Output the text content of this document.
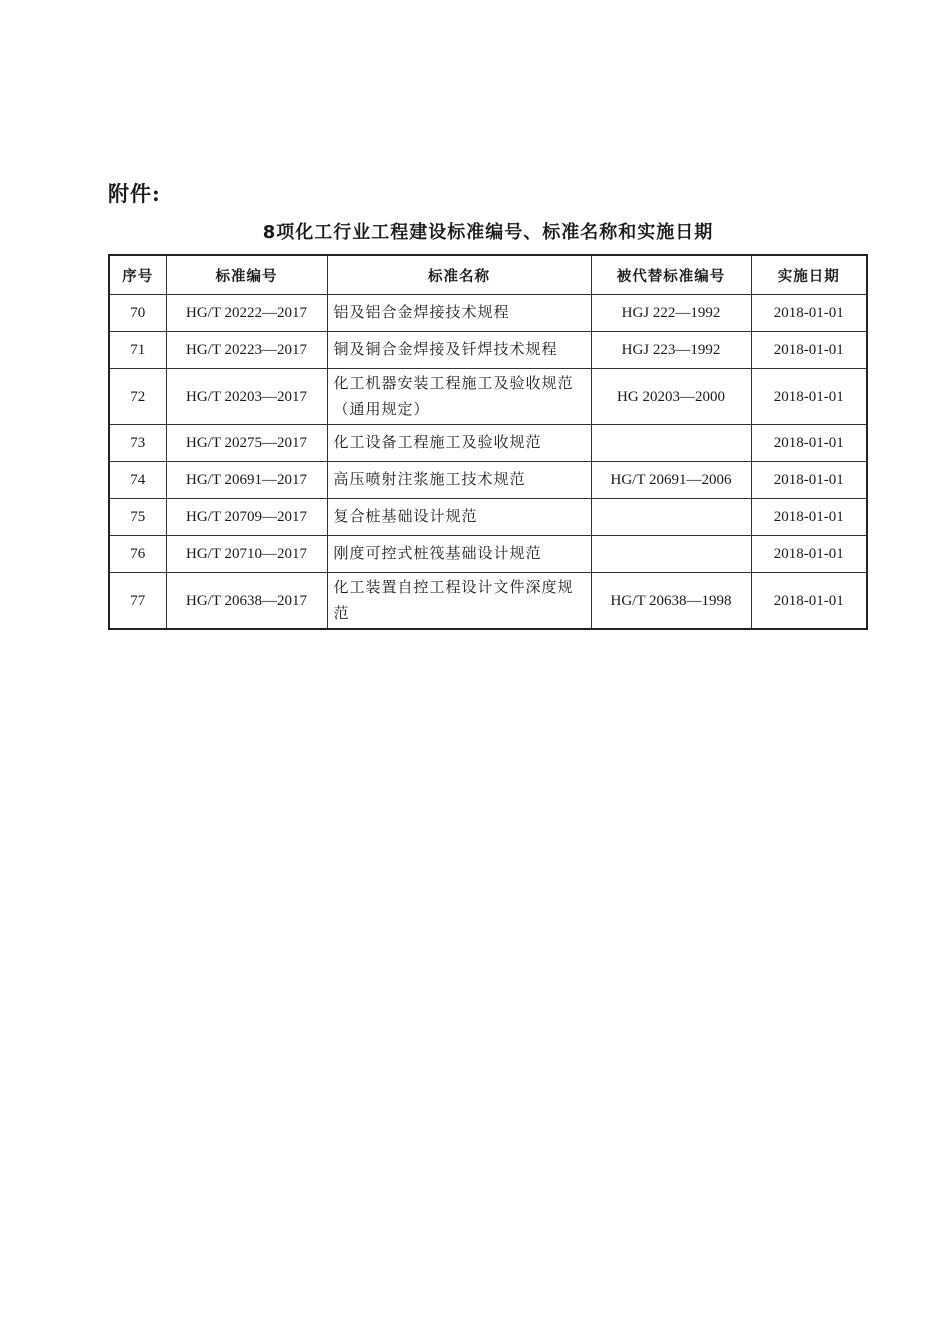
附件:
8项化工行业工程建设标准编号、标准名称和实施日期
序号	标准编号	标准名称	被代替标准编号	实施日期
70	HG/T 20222—2017	铝及铝合金焊接技术规程	HGJ 222—1992	2018-01-01
71	HG/T 20223—2017	铜及铜合金焊接及钎焊技术规程	HGJ 223—1992	2018-01-01
72	HG/T 20203—2017	化工机器安装工程施工及验收规范（通用规定）	HG 20203—2000	2018-01-01
73	HG/T 20275—2017	化工设备工程施工及验收规范		2018-01-01
74	HG/T 20691—2017	高压喷射注浆施工技术规范	HG/T 20691—2006	2018-01-01
75	HG/T 20709—2017	复合桩基础设计规范		2018-01-01
76	HG/T 20710—2017	刚度可控式桩筏基础设计规范		2018-01-01
77	HG/T 20638—2017	化工装置自控工程设计文件深度规范	HG/T 20638—1998	2018-01-01
